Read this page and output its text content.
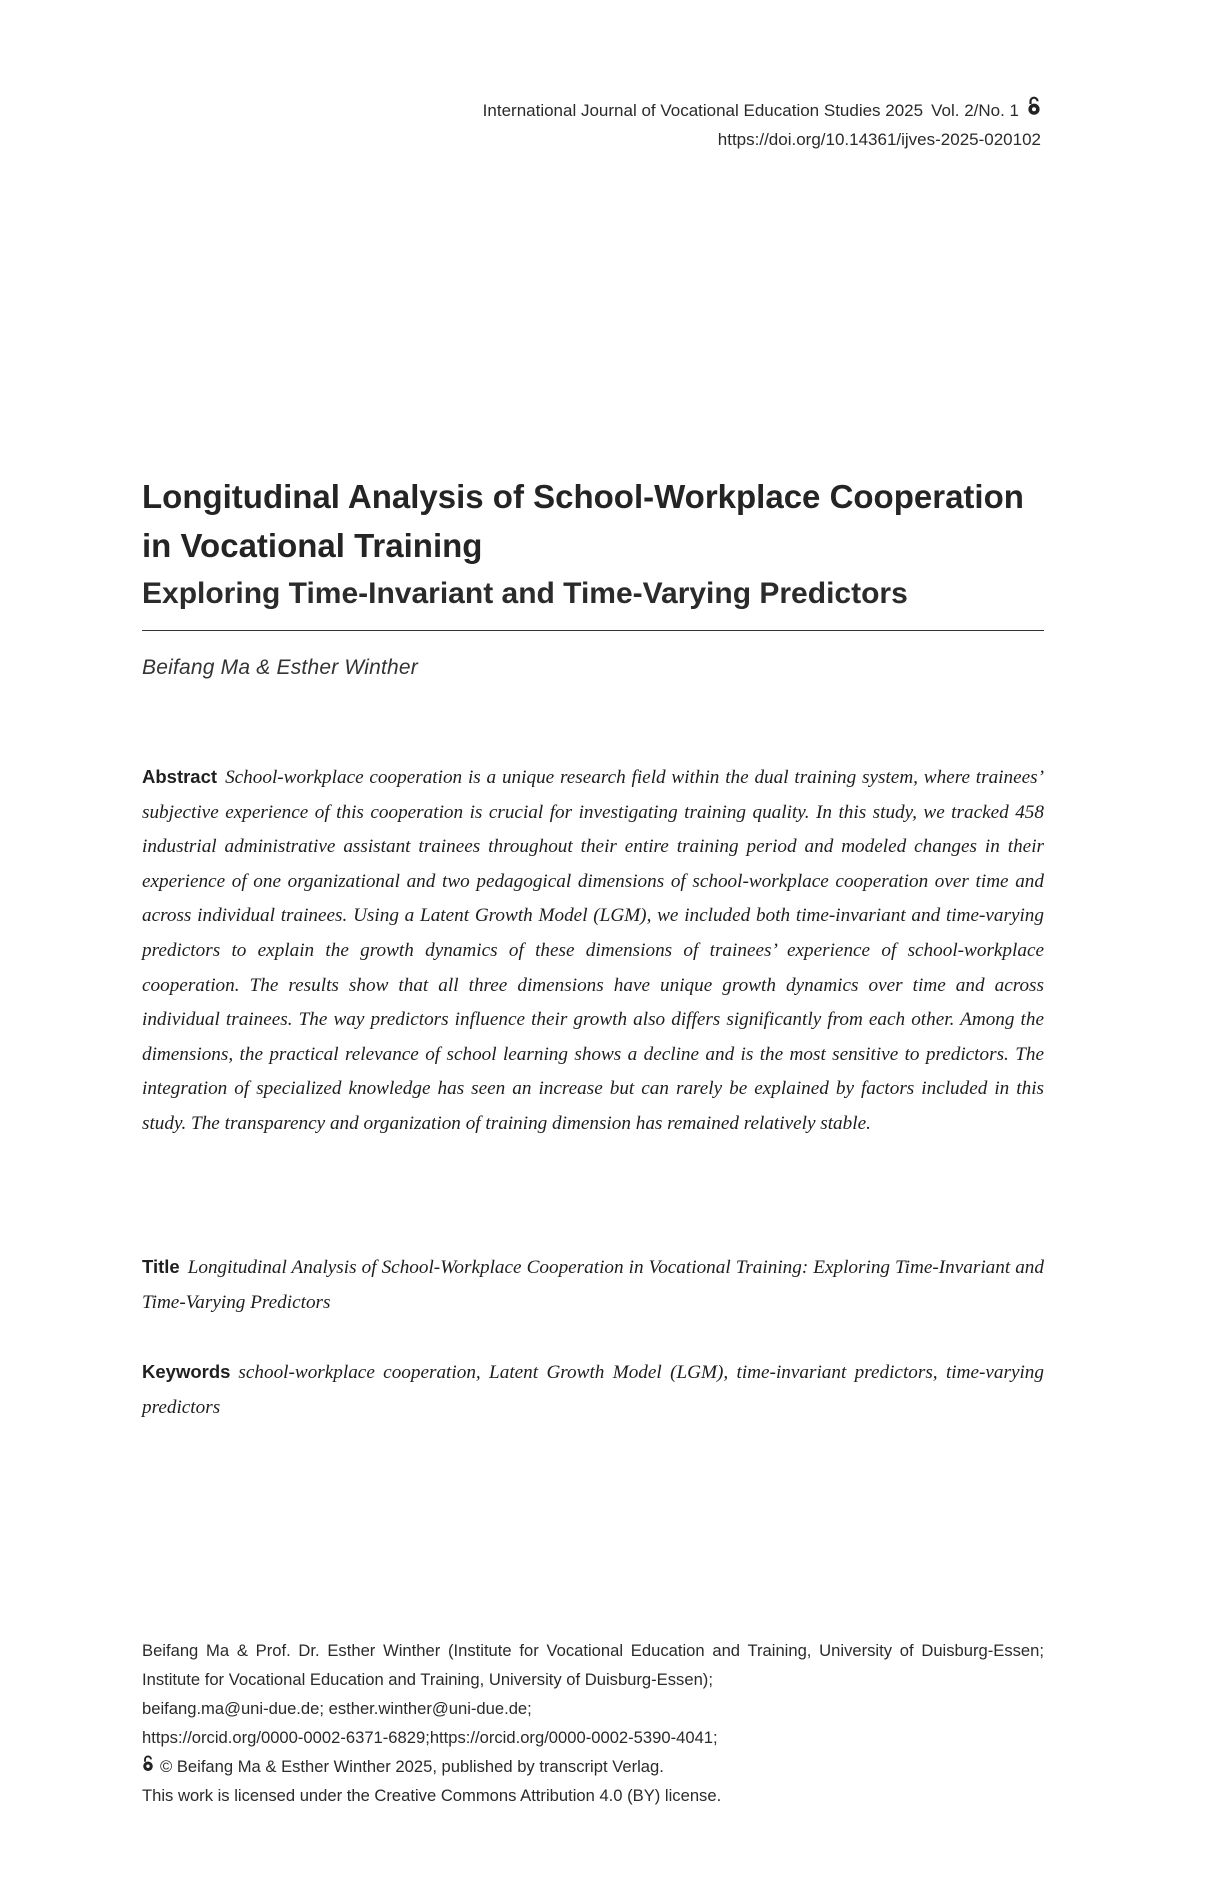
International Journal of Vocational Education Studies 2025 Vol. 2/No. 1
https://doi.org/10.14361/ijves-2025-020102
Longitudinal Analysis of School-Workplace Cooperation
in Vocational Training
Exploring Time-Invariant and Time-Varying Predictors
Beifang Ma & Esther Winther
Abstract School-workplace cooperation is a unique research field within the dual training system, where trainees’ subjective experience of this cooperation is crucial for investigating training quality. In this study, we tracked 458 industrial administrative assistant trainees throughout their entire training period and modeled changes in their experience of one organizational and two pedagogical dimensions of school-workplace cooperation over time and across individual trainees. Using a Latent Growth Model (LGM), we included both time-invariant and time-varying predictors to explain the growth dynamics of these dimensions of trainees’ experience of school-workplace cooperation. The results show that all three dimensions have unique growth dynamics over time and across individual trainees. The way predictors influence their growth also differs significantly from each other. Among the dimensions, the practical relevance of school learning shows a decline and is the most sensitive to predictors. The integration of specialized knowledge has seen an increase but can rarely be explained by factors included in this study. The transparency and organization of training dimension has remained relatively stable.
Title Longitudinal Analysis of School-Workplace Cooperation in Vocational Training: Exploring Time-Invariant and Time-Varying Predictors
Keywords school-workplace cooperation, Latent Growth Model (LGM), time-invariant predictors, time-varying predictors

Beifang Ma & Prof. Dr. Esther Winther (Institute for Vocational Education and Training, University of Duisburg-Essen; Institute for Vocational Education and Training, University of Duisburg-Essen);

beifang.ma@uni-due.de; esther.winther@uni-due.de;

https://orcid.org/0000-0002-6371-6829;https://orcid.org/0000-0002-5390-4041;

© Beifang Ma & Esther Winther 2025, published by transcript Verlag.

This work is licensed under the Creative Commons Attribution 4.0 (BY) license.
